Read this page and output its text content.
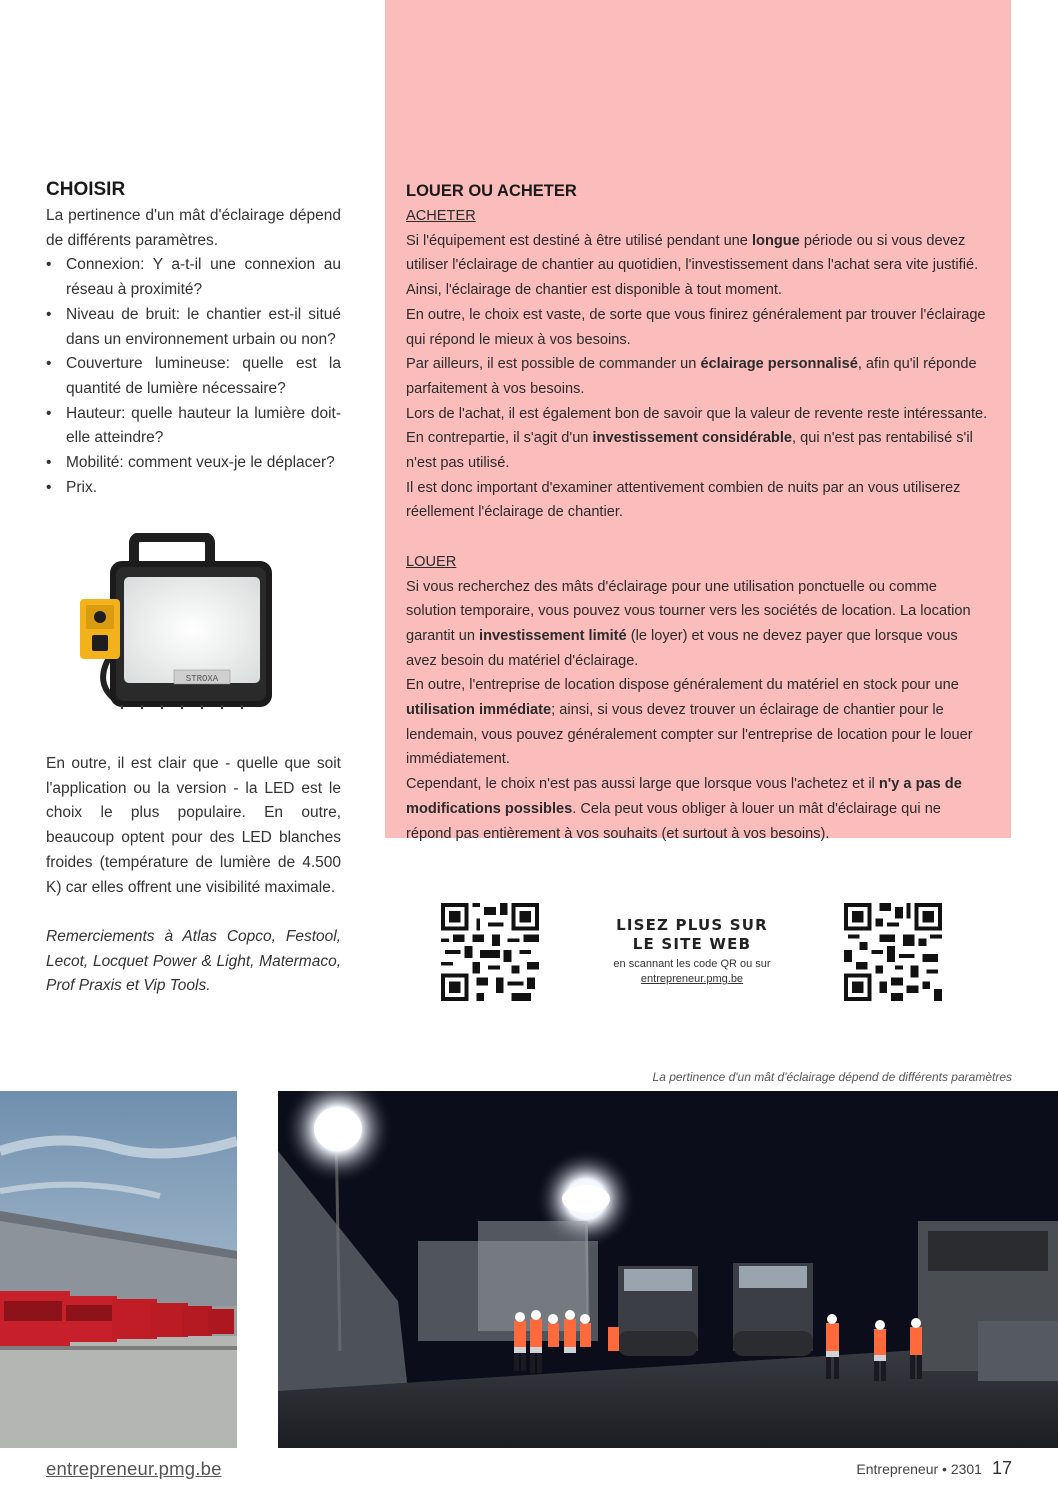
CHOISIR

La pertinence d'un mât d'éclairage dépend de différents paramètres.

• Connexion: Y a-t-il une connexion au réseau à proximité?
• Niveau de bruit: le chantier est-il situé dans un environnement urbain ou non?
• Couverture lumineuse: quelle est la quantité de lumière nécessaire?
• Hauteur: quelle hauteur la lumière doit-elle atteindre?
• Mobilité: comment veux-je le déplacer?
• Prix.
STROXA

En outre, il est clair que - quelle que soit l'application ou la version - la LED est le choix le plus populaire. En outre, beaucoup optent pour des LED blanches froides (température de lumière de 4.500 K) car elles offrent une visibilité maximale.

Remerciements à Atlas Copco, Festool, Lecot, Locquet Power & Light, Matermaco, Prof Praxis et Vip Tools.

LOUER OU ACHETER
ACHETER

Si l'équipement est destiné à être utilisé pendant une longue période ou si vous devez utiliser l'éclairage de chantier au quotidien, l'investissement dans l'achat sera vite justifié. Ainsi, l'éclairage de chantier est disponible à tout moment.

En outre, le choix est vaste, de sorte que vous finirez généralement par trouver l'éclairage qui répond le mieux à vos besoins.

Par ailleurs, il est possible de commander un éclairage personnalisé, afin qu'il réponde parfaitement à vos besoins.

Lors de l'achat, il est également bon de savoir que la valeur de revente reste intéressante. En contrepartie, il s'agit d'un investissement considérable, qui n'est pas rentabilisé s'il n'est pas utilisé.

Il est donc important d'examiner attentivement combien de nuits par an vous utiliserez réellement l'éclairage de chantier.

LOUER

Si vous recherchez des mâts d'éclairage pour une utilisation ponctuelle ou comme solution temporaire, vous pouvez vous tourner vers les sociétés de location. La location garantit un investissement limité (le loyer) et vous ne devez payer que lorsque vous avez besoin du matériel d'éclairage.

En outre, l'entreprise de location dispose généralement du matériel en stock pour une utilisation immédiate; ainsi, si vous devez trouver un éclairage de chantier pour le lendemain, vous pouvez généralement compter sur l'entreprise de location pour le louer immédiatement.

Cependant, le choix n'est pas aussi large que lorsque vous l'achetez et il n'y a pas de modifications possibles. Cela peut vous obliger à louer un mât d'éclairage qui ne répond pas entièrement à vos souhaits (et surtout à vos besoins).

LISEZ PLUS SUR
LE SITE WEB
en scannant les code QR ou sur
entrepreneur.pmg.be
La pertinence d'un mât d'éclairage dépend de différents paramètres
entrepreneur.pmg.be	Entrepreneur • 2301 17
